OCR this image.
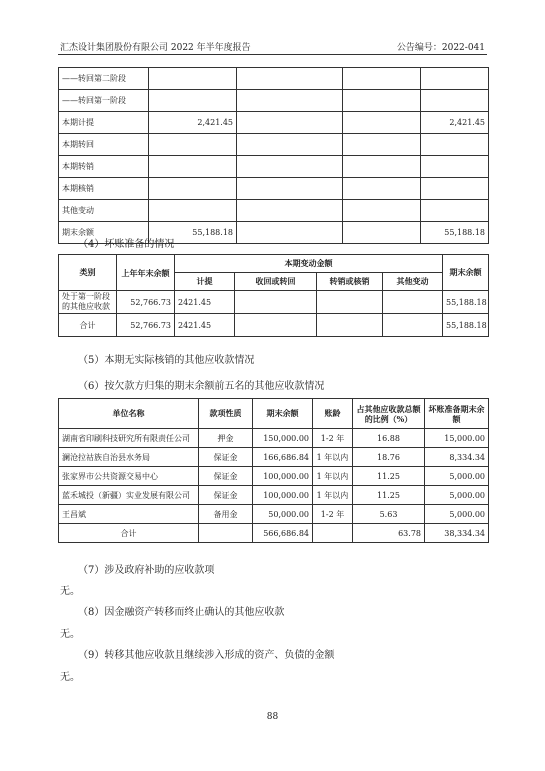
汇杰设计集团股份有限公司 2022 年半年度报告	公告编号：2022-041
——转回第二阶段				
——转回第一阶段				
本期计提	2,421.45			2,421.45
本期转回				
本期转销				
本期核销				
其他变动				
期末余额	55,188.18			55,188.18
（4）坏账准备的情况
类别	上年年末余额	本期变动金额				期末余额
		计提	收回或转回	转销或核销	其他变动	
处于第一阶段的其他应收款	52,766.73	2421.45				55,188.18
合计	52,766.73	2421.45				55,188.18
（5）本期无实际核销的其他应收款情况
（6）按欠款方归集的期末余额前五名的其他应收款情况
单位名称	款项性质	期末余额	账龄	占其他应收款总额的比例（%）	坏账准备期末余额
湖南省印刷科技研究所有限责任公司	押金	150,000.00	1-2 年	16.88	15,000.00
澜沧拉祜族自治县水务局	保证金	166,686.84	1 年以内	18.76	8,334.34
张家界市公共资源交易中心	保证金	100,000.00	1 年以内	11.25	5,000.00
蓝禾城投（新疆）实业发展有限公司	保证金	100,000.00	1 年以内	11.25	5,000.00
王昌斌	备用金	50,000.00	1-2 年	5.63	5,000.00
合计		566,686.84		63.78	38,334.34
（7）涉及政府补助的应收款项
无。
（8）因金融资产转移而终止确认的其他应收款
无。
（9）转移其他应收款且继续涉入形成的资产、负债的金额
无。
88
